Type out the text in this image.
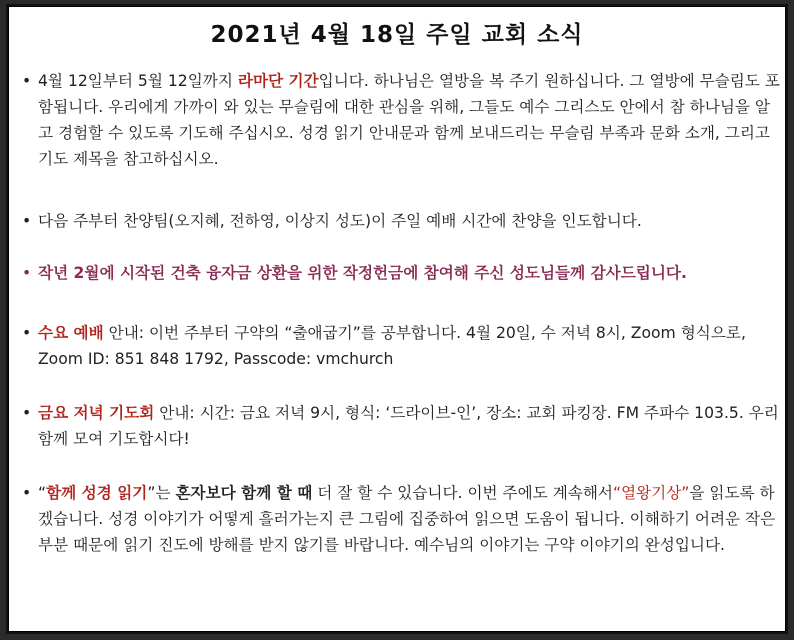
2021년 4월 18일 주일 교회 소식
• 4월 12일부터 5월 12일까지 라마단 기간입니다. 하나님은 열방을 복 주기 원하십니다. 그 열방에 무슬림도 포함됩니다. 우리에게 가까이 와 있는 무슬림에 대한 관심을 위해, 그들도 예수 그리스도 안에서 참 하나님을 알고 경험할 수 있도록 기도해 주십시오. 성경 읽기 안내문과 함께 보내드리는 무슬림 부족과 문화 소개, 그리고 기도 제목을 참고하십시오.
• 다음 주부터 찬양팀(오지혜, 전하영, 이상지 성도)이 주일 예배 시간에 찬양을 인도합니다.
• 작년 2월에 시작된 건축 융자금 상환을 위한 작정헌금에 참여해 주신 성도님들께 감사드립니다.
• 수요 예배 안내: 이번 주부터 구약의 “출애굽기”를 공부합니다. 4월 20일, 수 저녁 8시, Zoom 형식으로, Zoom ID: 851 848 1792, Passcode: vmchurch
• 금요 저녁 기도회 안내: 시간: 금요 저녁 9시, 형식: ‘드라이브-인’, 장소: 교회 파킹장. FM 주파수 103.5. 우리 함께 모여 기도합시다!
• “함께 성경 읽기”는 혼자보다 함께 할 때 더 잘 할 수 있습니다. 이번 주에도 계속해서“열왕기상”을 읽도록 하겠습니다. 성경 이야기가 어떻게 흘러가는지 큰 그림에 집중하여 읽으면 도움이 됩니다. 이해하기 어려운 작은 부분 때문에 읽기 진도에 방해를 받지 않기를 바랍니다. 예수님의 이야기는 구약 이야기의 완성입니다.
